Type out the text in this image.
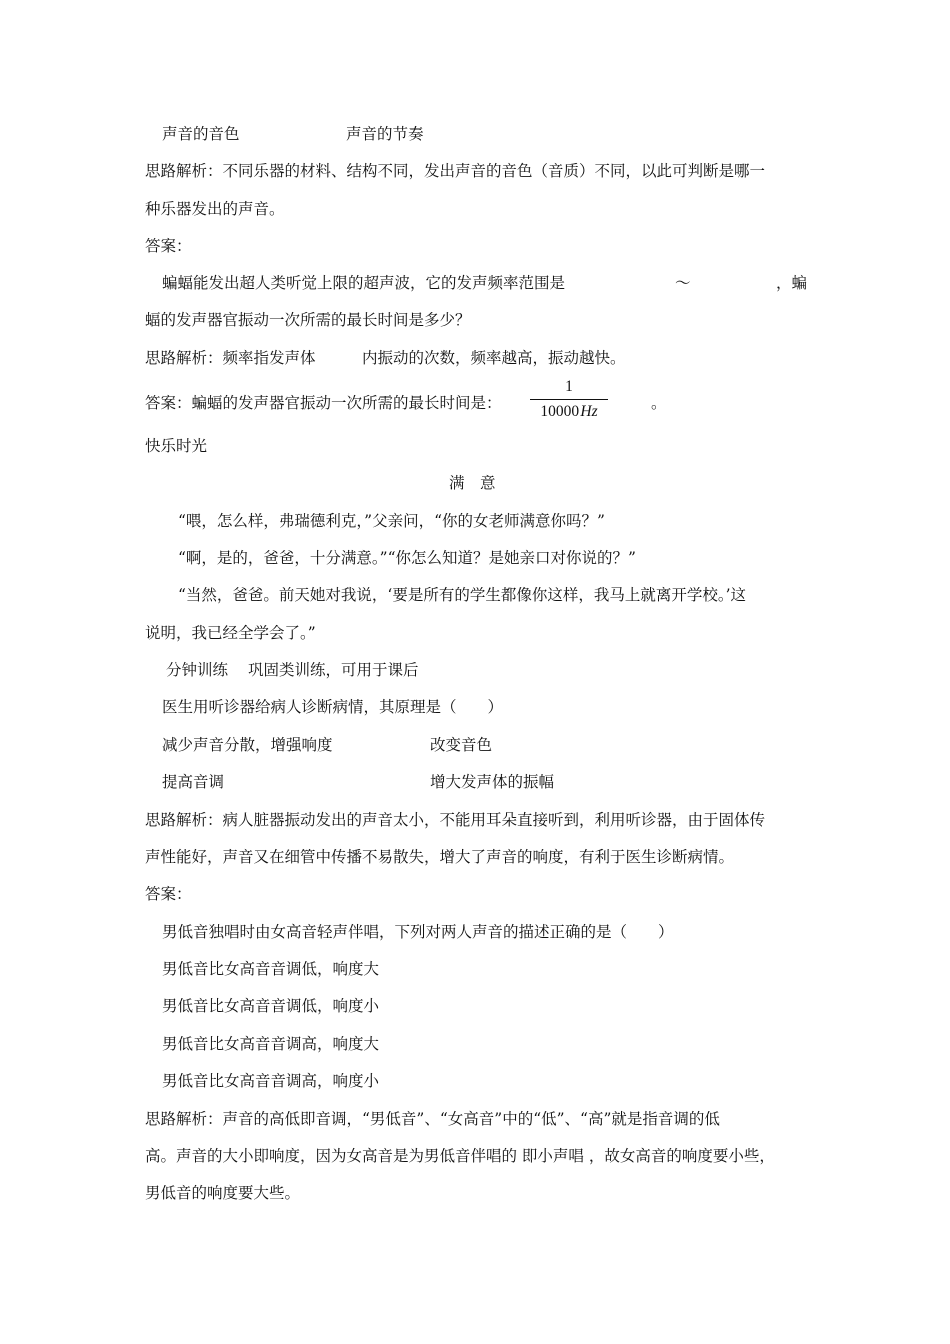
声音的音色	声音的节奏
思路解析：不同乐器的材料、结构不同，发出声音的音色（音质）不同，以此可判断是哪一
种乐器发出的声音。
答案：
蝙蝠能发出超人类听觉上限的超声波，它的发声频率范围是	～	，蝙
蝠的发声器官振动一次所需的最长时间是多少？
思路解析：频率指发声体	内振动的次数，频率越高，振动越快。
答案：蝙蝠的发声器官振动一次所需的最长时间是：
1
10000 Hz	。
快乐时光
满　意
“喂，怎么样，弗瑞德利克，”父亲问，“你的女老师满意你吗？”
“啊，是的，爸爸，十分满意。”“你怎么知道？是她亲口对你说的？”
“当然，爸爸。前天她对我说，‘要是所有的学生都像你这样，我马上就离开学校。’这
说明，我已经全学会了。”
分钟训练 巩固类训练，可用于课后
医生用听诊器给病人诊断病情，其原理是（　　）
减少声音分散，增强响度	改变音色
提高音调	增大发声体的振幅
思路解析：病人脏器振动发出的声音太小，不能用耳朵直接听到，利用听诊器，由于固体传
声性能好，声音又在细管中传播不易散失，增大了声音的响度，有利于医生诊断病情。
答案：
男低音独唱时由女高音轻声伴唱，下列对两人声音的描述正确的是（　　）
男低音比女高音音调低，响度大
男低音比女高音音调低，响度小
男低音比女高音音调高，响度大
男低音比女高音音调高，响度小
思路解析：声音的高低即音调，“男低音”、“女高音”中的“低”、“高”就是指音调的低
高。声音的大小即响度，因为女高音是为男低音伴唱的 即小声唱 ，故女高音的响度要小些，
男低音的响度要大些。
